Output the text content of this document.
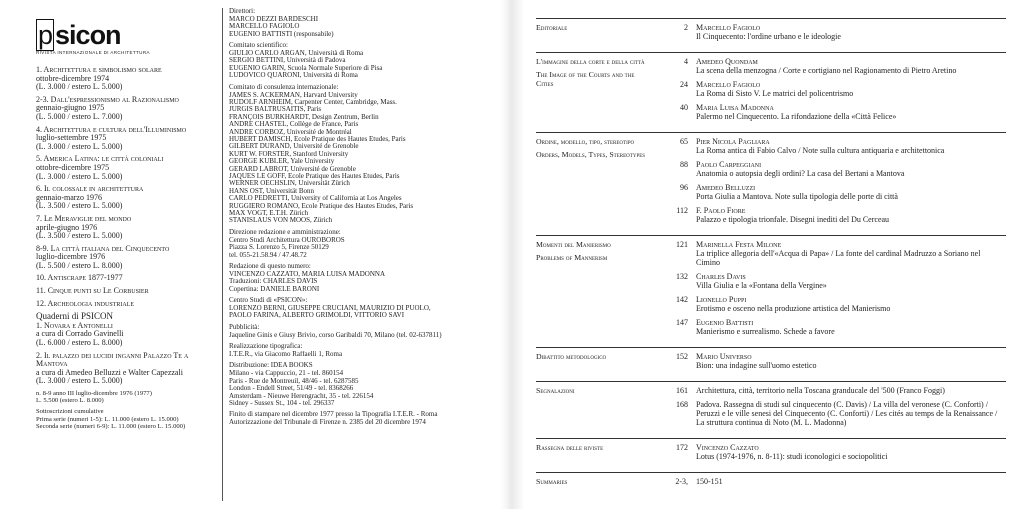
p sicon
RIVISTA INTERNAZIONALE DI ARCHITETTURA
1. Architettura e simbolismo solare
ottobre-dicembre 1974
(L. 3.000 / estero L. 5.000)
2-3. Dall'espressionismo al Razionalismo
gennaio-giugno 1975
(L. 5.000 / estero L. 7.000)
4. Architettura e cultura dell'Illuminismo
luglio-settembre 1975
(L. 3.000 / estero L. 5.000)
5. America Latina: le città coloniali
ottobre-dicembre 1975
(L. 3.000 / estero L. 5.000)
6. Il colossale in architettura
gennaio-marzo 1976
(L. 3.500 / estero L. 5.000)
7. Le Meraviglie del mondo
aprile-giugno 1976
(L. 3.500 / estero L. 5.000)
8-9. La città italiana del Cinquecento
luglio-dicembre 1976
(L. 5.500 / estero L. 8.000)
10. Antiscrape 1877-1977
11. Cinque punti su Le Corbusier
12. Archeologia industriale
Quaderni di PSICON
1. Novara e Antonelli
a cura di Corrado Gavinelli
(L. 6.000 / estero L. 8.000)
2. Il palazzo dei lucidi inganni Palazzo Te a Mantova
a cura di Amedeo Belluzzi e Walter Capezzali
(L. 3.000 / estero L. 5.000)
n. 8-9 anno III luglio-dicembre 1976 (1977)
L. 5.500 (estero L. 8.000)
Sottoscrizioni cumulative
Prima serie (numeri 1-5): L. 11.000 (estero L. 15.000)
Seconda serie (numeri 6-9): L. 11.000 (estero L. 15.000)
Direttori:
MARCO DEZZI BARDESCHI
MARCELLO FAGIOLO
EUGENIO BATTISTI (responsabile)
Comitato scientifico:
GIULIO CARLO ARGAN, Università di Roma
SERGIO BETTINI, Università di Padova
EUGENIO GARIN, Scuola Normale Superiore di Pisa
LUDOVICO QUARONI, Università di Roma
Comitato di consulenza internazionale:
JAMES S. ACKERMAN, Harvard University
RUDOLF ARNHEIM, Carpenter Center, Cambridge, Mass.
JURGIS BALTRUSAITIS, Paris
FRANÇOIS BURKHARDT, Design Zentrum, Berlin
ANDRÉ CHASTEL, Collège de France, Paris
ANDRÉ CORBOZ, Université de Montréal
HUBERT DAMISCH, École Pratique des Hautes Études, Paris
GILBERT DURAND, Université de Grenoble
KURT W. FORSTER, Stanford University
GEORGE KUBLER, Yale University
GERARD LABROT, Université de Grenoble
JAQUES LE GOFF, École Pratique des Hautes Études, Paris
WERNER OECHSLIN, Universität Zürich
HANS OST, Universität Bonn
CARLO PEDRETTI, University of California at Los Angeles
RUGGIERO ROMANO, École Pratique des Hautes Études, Paris
MAX VOGT, E.T.H. Zürich
STANISLAUS VON MOOS, Zürich
Direzione redazione e amministrazione:
Centro Studi Architettura OUROBOROS
Piazza S. Lorenzo 5, Firenze 50129
tel. 055-21.58.94 / 47.48.72
Redazione di questo numero:
VINCENZO CAZZATO, MARIA LUISA MADONNA
Traduzioni: CHARLES DAVIS
Copertina: DANIELE BARONI
Centro Studi di «PSICON»:
LORENZO BERNI, GIUSEPPE CRUCIANI, MAURIZIO DI PUOLO,
PAOLO FARINA, ALBERTO GRIMOLDI, VITTORIO SAVI
Pubblicità:
Jaqueline Ginis e Giusy Brivio, corso Garibaldi 70, Milano (tel. 02-637811)
Realizzazione tipografica:
I.T.E.R., via Giacomo Raffaelli 1, Roma
Distribuzione: IDEA BOOKS
Milano - via Cappuccio, 21 - tel. 860154
Paris - Rue de Montreuil, 48/46 - tel. 6287585
London - Endell Street, 51/49 - tel. 8368266
Amsterdam - Nieuwe Herengracht, 35 - tel. 226154
Sidney - Sussex St., 104 - tel. 296337
Finito di stampare nel dicembre 1977 presso la Tipografia I.T.E.R. - Roma
Autorizzazione del Tribunale di Firenze n. 2385 del 20 dicembre 1974
Editoriale	2	Marcello Fagiolo
Il Cinquecento: l'ordine urbano e le ideologie
L'immagine della corte e della città
The Image of the Courts and the Cities
4	Amedeo Quondam
La scena della menzogna / Corte e cortigiano nel Ragionamento di Pietro Aretino
24	Marcello Fagiolo
La Roma di Sisto V. Le matrici del policentrismo
40	Maria Luisa Madonna
Palermo nel Cinquecento. La rifondazione della «Città Felice»
Ordine, modello, tipo, stereotipo
Orders, Models, Types, Stereotypes
65	Pier Nicola Pagliara
La Roma antica di Fabio Calvo / Note sulla cultura antiquaria e architettonica
88	Paolo Carpeggiani
Anatomia o autopsia degli ordini? La casa del Bertani a Mantova
96	Amedeo Belluzzi
Porta Giulia a Mantova. Note sulla tipologia delle porte di città
112	F. Paolo Fiore
Palazzo e tipologia trionfale. Disegni inediti del Du Cerceau
Momenti del Manierismo
Problems of Mannerism
121	Marinella Festa Milone
La triplice allegoria dell'«Acqua di Papa» / La fonte del cardinal Madruzzo a Soriano nel Cimino
132	Charles Davis
Villa Giulia e la «Fontana della Vergine»
142	Lionello Puppi
Erotismo e osceno nella produzione artistica del Manierismo
147	Eugenio Battisti
Manierismo e surrealismo. Schede a favore
Dibattito metodologico	152	Mario Universo
Bion: una indagine sull'uomo estetico
Segnalazioni	161	Architettura, città, territorio nella Toscana granducale del '500 (Franco Foggi)
168	Padova. Rassegna di studi sul cinquecento (C. Davis) / La villa del veronese (C. Conforti) / Peruzzi e le ville senesi del Cinquecento (C. Conforti) / Les cités au temps de la Renaissance / La struttura continua di Noto (M. L. Madonna)
Rassegna delle riviste	172	Vincenzo Cazzato
Lotus (1974-1976, n. 8-11): studi iconologici e sociopolitici
Summaries	2-3,	150-151
